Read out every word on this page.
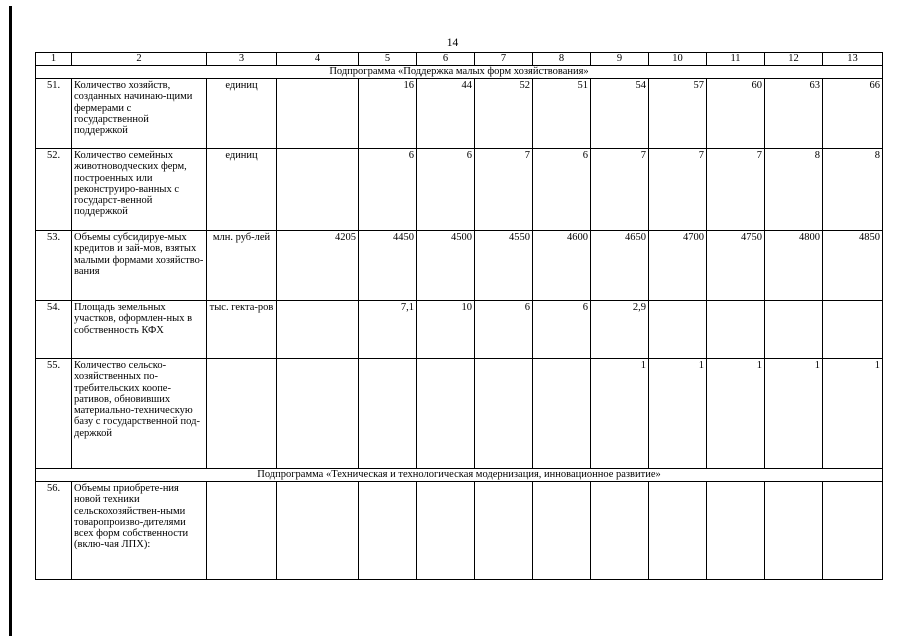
14
1	2	3	4	5	6	7	8	9	10	11	12	13
Подпрограмма «Поддержка малых форм хозяйствования»												
51.	Количество хозяйств, созданных начинаю-щими фермерами с государственной поддержкой	единиц		16	44	52	51	54	57	60	63	66
52.	Количество семейных животноводческих ферм, построенных или реконструиро-ванных с государст-венной поддержкой	единиц		6	6	7	6	7	7	7	8	8
53.	Объемы субсидируе-мых кредитов и зай-мов, взятых малыми формами хозяйство-вания	млн. руб-лей	4205	4450	4500	4550	4600	4650	4700	4750	4800	4850
54.	Площадь земельных участков, оформлен-ных в собственность КФХ	тыс. гекта-ров		7,1	10	6	6	2,9				
55.	Количество сельско-хозяйственных по-требительских коопе-ративов, обновивших материально-техническую базу с государственной под-держкой							1	1	1	1	1
Подпрограмма «Техническая и технологическая модернизация, инновационное развитие»												
56.	Объемы приобрете-ния новой техники сельскохозяйствен-ными товаропроизво-дителями всех форм собственности (вклю-чая ЛПХ):											
